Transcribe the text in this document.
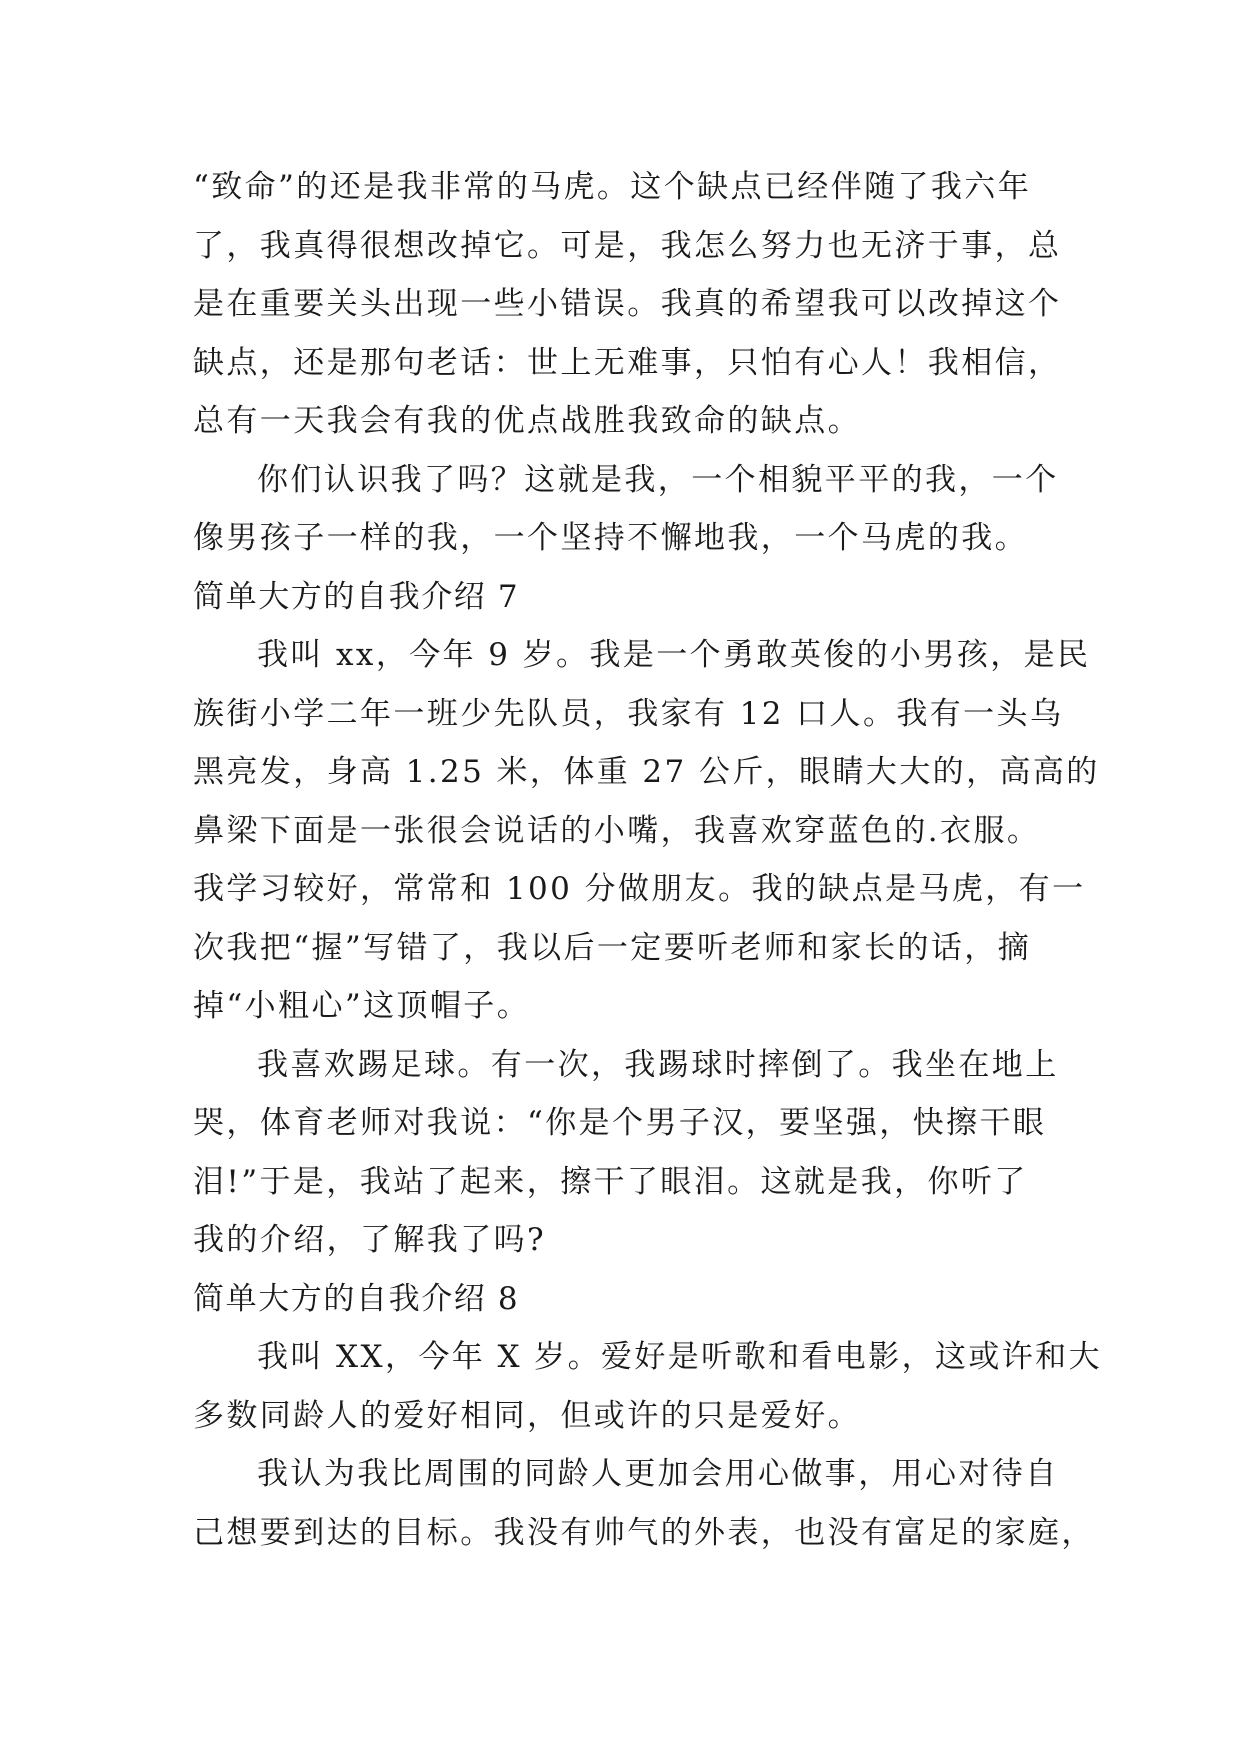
“致命”的还是我非常的马虎。这个缺点已经伴随了我六年
了，我真得很想改掉它。可是，我怎么努力也无济于事，总
是在重要关头出现一些小错误。我真的希望我可以改掉这个
缺点，还是那句老话：世上无难事，只怕有心人！我相信，
总有一天我会有我的优点战胜我致命的缺点。
你们认识我了吗？这就是我，一个相貌平平的我，一个
像男孩子一样的我，一个坚持不懈地我，一个马虎的我。
简单大方的自我介绍 7
我叫 xx，今年 9 岁。我是一个勇敢英俊的小男孩，是民
族街小学二年一班少先队员，我家有 12 口人。我有一头乌
黑亮发，身高 1.25 米，体重 27 公斤，眼睛大大的，高高的
鼻梁下面是一张很会说话的小嘴，我喜欢穿蓝色的.衣服。
我学习较好，常常和 100 分做朋友。我的缺点是马虎，有一
次我把“握”写错了，我以后一定要听老师和家长的话，摘
掉“小粗心”这顶帽子。
我喜欢踢足球。有一次，我踢球时摔倒了。我坐在地上
哭，体育老师对我说：“你是个男子汉，要坚强，快擦干眼
泪!”于是，我站了起来，擦干了眼泪。这就是我，你听了
我的介绍，了解我了吗?
简单大方的自我介绍 8
我叫 XX，今年 X 岁。爱好是听歌和看电影，这或许和大
多数同龄人的爱好相同，但或许的只是爱好。
我认为我比周围的同龄人更加会用心做事，用心对待自
己想要到达的目标。我没有帅气的外表，也没有富足的家庭，
